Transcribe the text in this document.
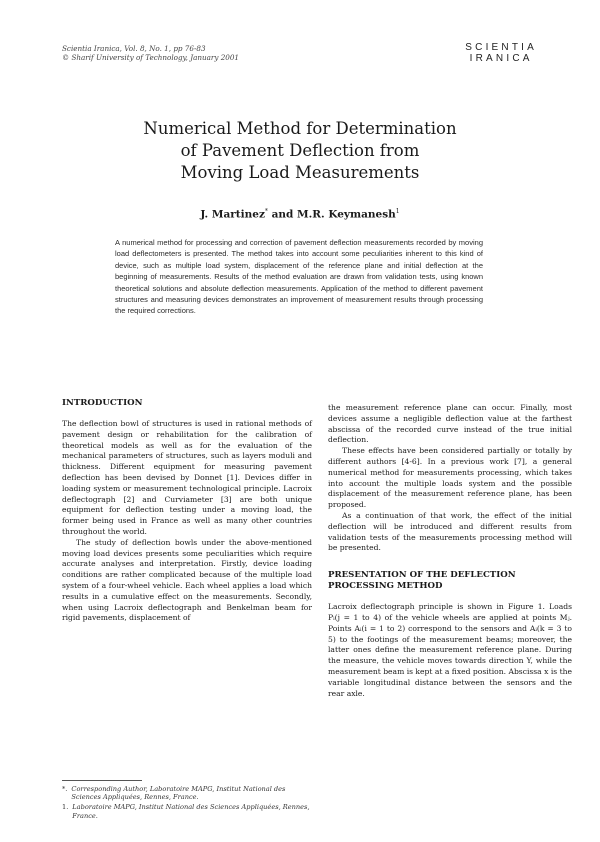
Scientia Iranica, Vol. 8, No. 1, pp 76-83
© Sharif University of Technology, January 2001
SCIENTIA
IRANICA
Numerical Method for Determination
of Pavement Deflection from
Moving Load Measurements
J. Martinez* and M.R. Keymanesh$^1$
A numerical method for processing and correction of pavement deflection measurements recorded by moving load deflectometers is presented. The method takes into account some peculiarities inherent to this kind of device, such as multiple load system, displacement of the reference plane and initial deflection at the beginning of measurements. Results of the method evaluation are drawn from validation tests, using known theoretical solutions and absolute deflection measurements. Application of the method to different pavement structures and measuring devices demonstrates an improvement of measurement results through processing the required corrections.
INTRODUCTION

The deflection bowl of structures is used in rational methods of pavement design or rehabilitation for the calibration of theoretical models as well as for the evaluation of the mechanical parameters of structures, such as layers moduli and thickness. Different equipment for measuring pavement deflection has been devised by Donnet [1]. Devices differ in loading system or measurement technological principle. Lacroix deflectograph [2] and Curviameter [3] are both unique equipment for deflection testing under a moving load, the former being used in France as well as many other countries throughout the world.

The study of deflection bowls under the above-mentioned moving load devices presents some peculiarities which require accurate analyses and interpretation. Firstly, device loading conditions are rather complicated because of the multiple load system of a four-wheel vehicle. Each wheel applies a load which results in a cumulative effect on the measurements. Secondly, when using Lacroix deflectograph and Benkelman beam for rigid pavements, displacement of

the measurement reference plane can occur. Finally, most devices assume a negligible deflection value at the farthest abscissa of the recorded curve instead of the true initial deflection.

These effects have been considered partially or totally by different authors [4-6]. In a previous work [7], a general numerical method for measurements processing, which takes into account the multiple loads system and the possible displacement of the measurement reference plane, has been proposed.

As a continuation of that work, the effect of the initial deflection will be introduced and different results from validation tests of the measurements processing method will be presented.

PRESENTATION OF THE DEFLECTION
PROCESSING METHOD

Lacroix deflectograph principle is shown in Figure 1. Loads Pᵢ(j = 1 to 4) of the vehicle wheels are applied at points Mⱼ. Points Aᵢ(i = 1 to 2) correspond to the sensors and Aᵢ(k = 3 to 5) to the footings of the measurement beams; moreover, the latter ones define the measurement reference plane. During the measure, the vehicle moves towards direction Y, while the measurement beam is kept at a fixed position. Abscissa x is the variable longitudinal distance between the sensors and the rear axle.

*. Corresponding Author, Laboratoire MAPG, Institut National des Sciences Appliquées, Rennes, France.
1. Laboratoire MAPG, Institut National des Sciences Appliquées, Rennes, France.
